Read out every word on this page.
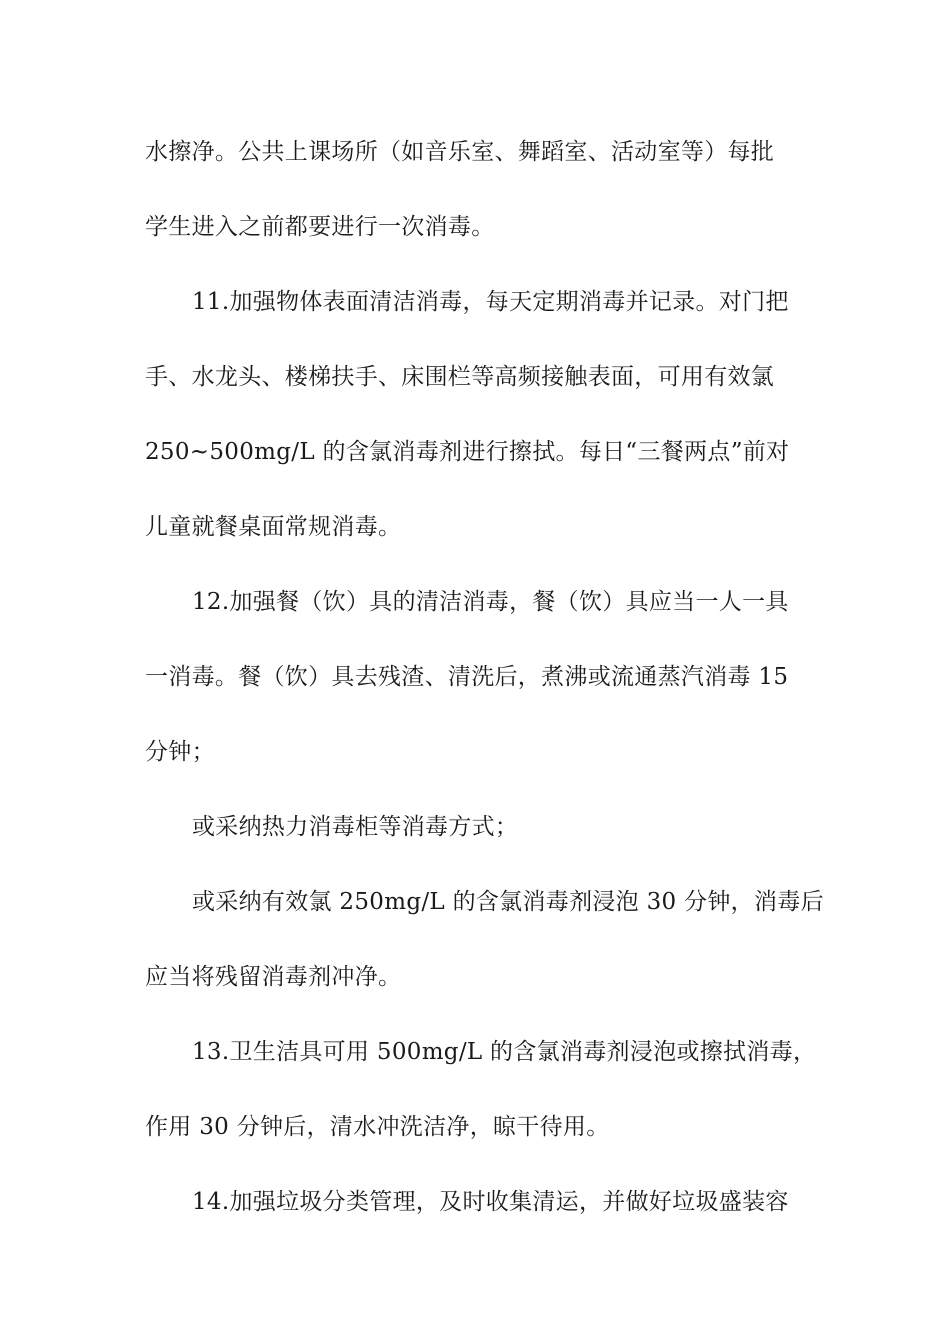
水擦净。公共上课场所（如音乐室、舞蹈室、活动室等）每批
学生进入之前都要进行一次消毒。
11.加强物体表面清洁消毒，每天定期消毒并记录。对门把
手、水龙头、楼梯扶手、床围栏等高频接触表面，可用有效氯
250~500mg/L 的含氯消毒剂进行擦拭。每日“三餐两点”前对
儿童就餐桌面常规消毒。
12.加强餐（饮）具的清洁消毒，餐（饮）具应当一人一具
一消毒。餐（饮）具去残渣、清洗后，煮沸或流通蒸汽消毒 15
分钟；
或采纳热力消毒柜等消毒方式；
或采纳有效氯 250mg/L 的含氯消毒剂浸泡 30 分钟，消毒后
应当将残留消毒剂冲净。
13.卫生洁具可用 500mg/L 的含氯消毒剂浸泡或擦拭消毒，
作用 30 分钟后，清水冲洗洁净，晾干待用。
14.加强垃圾分类管理，及时收集清运，并做好垃圾盛装容
